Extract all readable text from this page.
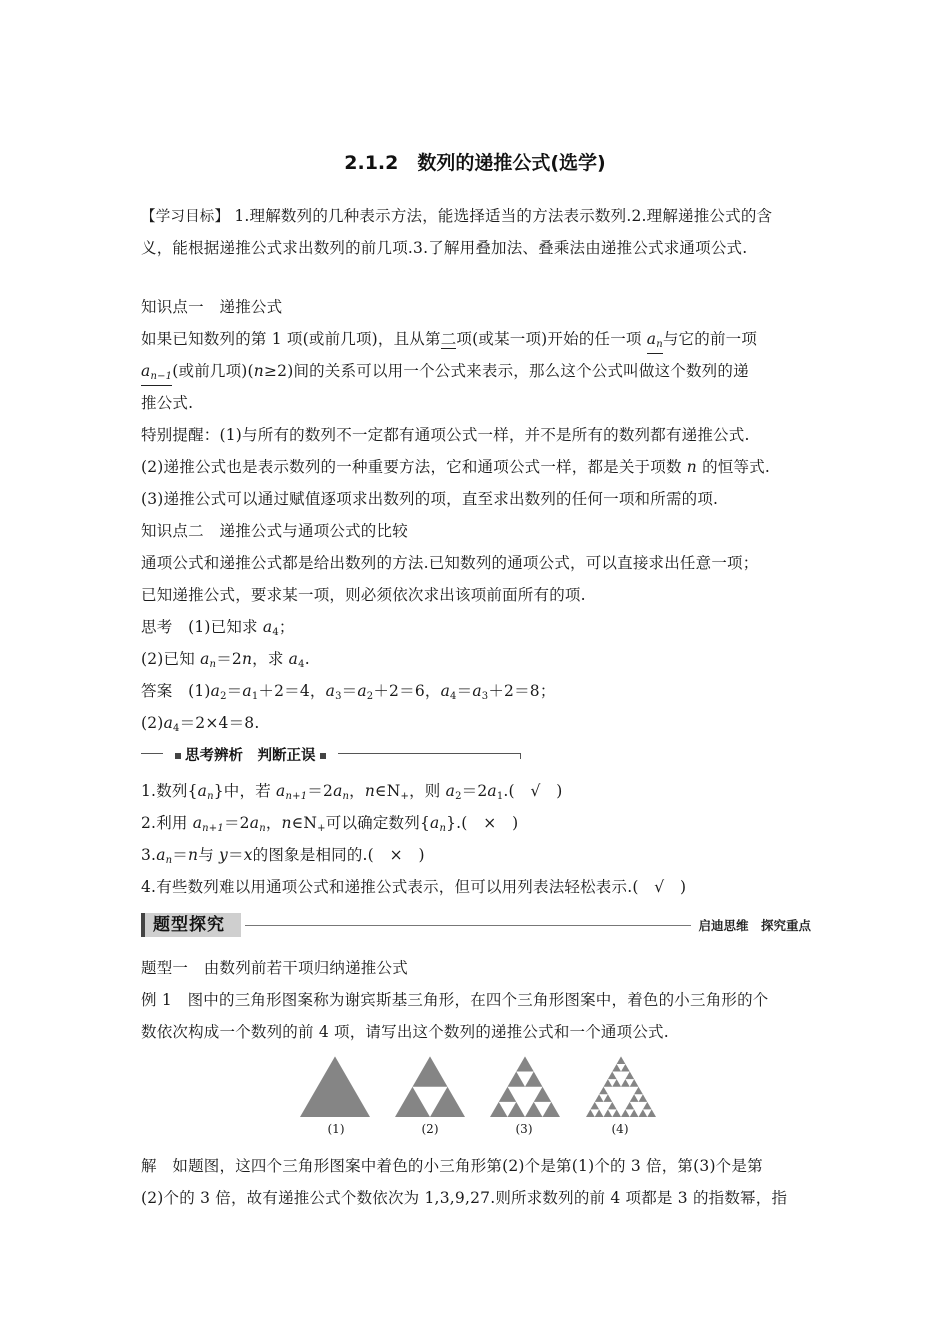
2.1.2　数列的递推公式(选学)
【学习目标】 1.理解数列的几种表示方法，能选择适当的方法表示数列.2.理解递推公式的含
义，能根据递推公式求出数列的前几项.3.了解用叠加法、叠乘法由递推公式求通项公式.
知识点一　递推公式
如果已知数列的第 1 项(或前几项)，且从第二项(或某一项)开始的任一项 $a_n$与它的前一项
$a_{n-1}$(或前几项)(n≥2)间的关系可以用一个公式来表示，那么这个公式叫做这个数列的递
推公式.
特别提醒：(1)与所有的数列不一定都有通项公式一样，并不是所有的数列都有递推公式.
(2)递推公式也是表示数列的一种重要方法，它和通项公式一样，都是关于项数 n 的恒等式.
(3)递推公式可以通过赋值逐项求出数列的项，直至求出数列的任何一项和所需的项.
知识点二　递推公式与通项公式的比较
通项公式和递推公式都是给出数列的方法.已知数列的通项公式，可以直接求出任意一项；
已知递推公式，要求某一项，则必须依次求出该项前面所有的项.
思考　(1)已知求 $a_4$；
(2)已知 $a_n=2n$，求 $a_4$.
答案　$(1)a_2=a_1+2=4$，$a_3=a_2+2=6$，$a_4=a_3+2=8$；
$(2)a_4=2\times 4=8$.
思考辨析　 判断正误
1.数列$\{a_n\}$中，若 $a_{n+1}=2a_n$，$n\in N_+$，则 $a_2=2a_1$.(　√　)
2.利用 $a_{n+1}=2a_n$，$n\in N_+$可以确定数列$\{a_n\}$.(　×　)
$3.a_n=n$与 y＝x的图象是相同的.(　×　)
4.有些数列难以用通项公式和递推公式表示，但可以用列表法轻松表示.(　√　)
题型探究	启迪思维　探究重点
题型一　由数列前若干项归纳递推公式
例 1　图中的三角形图案称为谢宾斯基三角形，在四个三角形图案中，着色的小三角形的个
数依次构成一个数列的前 4 项，请写出这个数列的递推公式和一个通项公式.
(1)	(2)	(3)	(4)
解　如题图，这四个三角形图案中着色的小三角形第(2)个是第(1)个的 3 倍，第(3)个是第
(2)个的 3 倍，故有递推公式个数依次为 1,3,9,27.则所求数列的前 4 项都是 3 的指数幂，指
